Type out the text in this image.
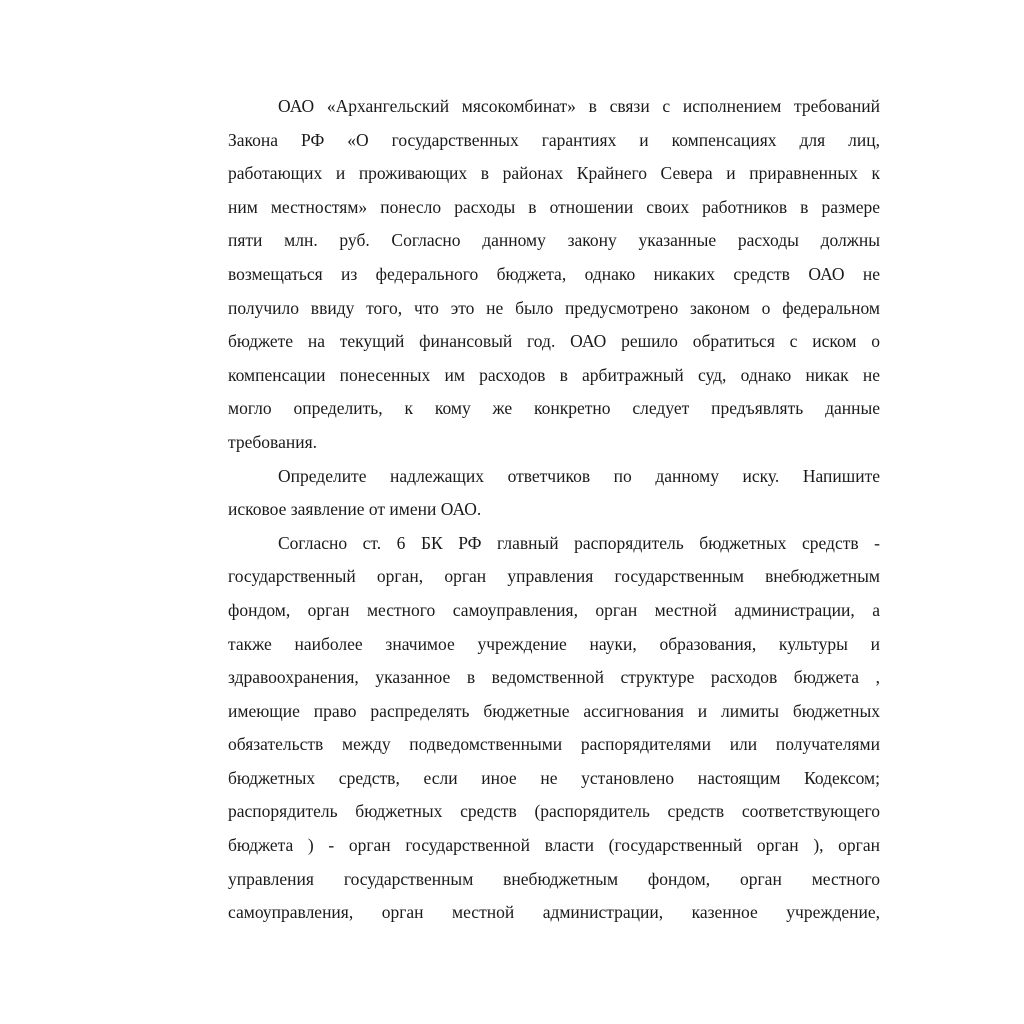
ОАО «Архангельский мясокомбинат» в связи с исполнением требований
Закона РФ «О государственных гарантиях и компенсациях для лиц,
работающих и проживающих в районах Крайнего Севера и приравненных к
ним местностям» понесло расходы в отношении своих работников в размере
пяти млн. руб. Согласно данному закону указанные расходы должны
возмещаться из федерального бюджета, однако никаких средств ОАО не
получило ввиду того, что это не было предусмотрено законом о федеральном
бюджете на текущий финансовый год. ОАО решило обратиться с иском о
компенсации понесенных им расходов в арбитражный суд, однако никак не
могло определить, к кому же конкретно следует предъявлять данные
требования.
Определите надлежащих ответчиков по данному иску. Напишите
исковое заявление от имени ОАО.
Согласно ст. 6 БК РФ главный распорядитель бюджетных средств -
государственный орган, орган управления государственным внебюджетным
фондом, орган местного самоуправления, орган местной администрации, а
также наиболее значимое учреждение науки, образования, культуры и
здравоохранения, указанное в ведомственной структуре расходов бюджета ,
имеющие право распределять бюджетные ассигнования и лимиты бюджетных
обязательств между подведомственными распорядителями или получателями
бюджетных средств, если иное не установлено настоящим Кодексом;
распорядитель бюджетных средств (распорядитель средств соответствующего
бюджета ) - орган государственной власти (государственный орган ), орган
управления государственным внебюджетным фондом, орган местного
самоуправления, орган местной администрации, казенное учреждение,
